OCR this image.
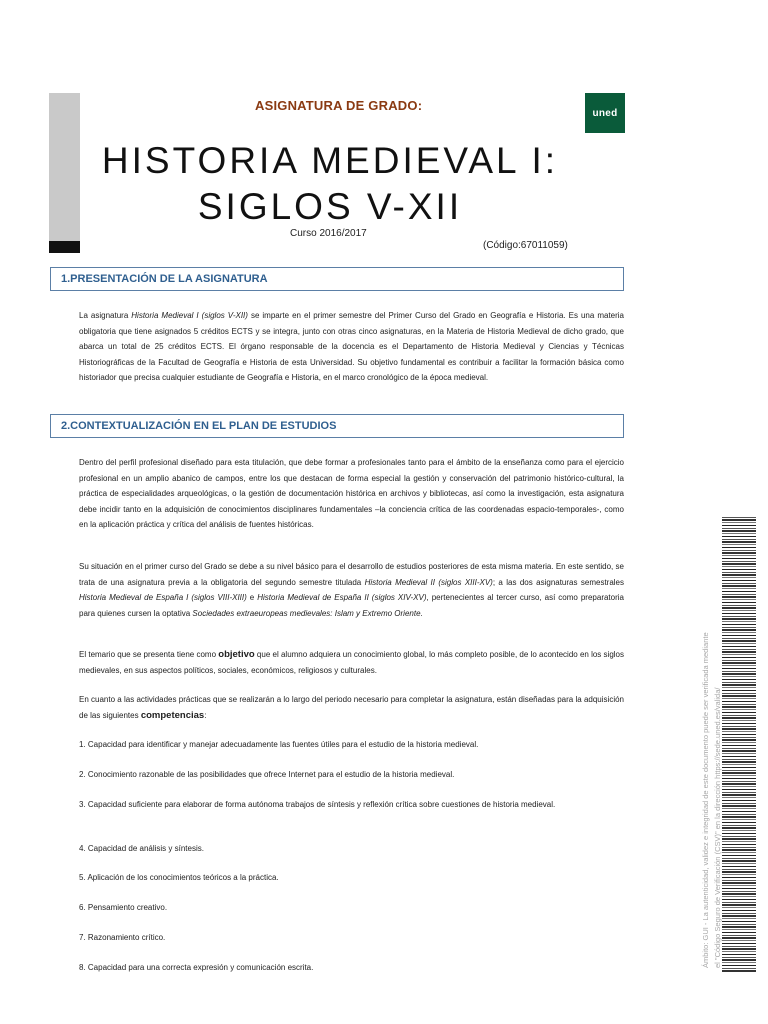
ASIGNATURA DE GRADO:	uned
HISTORIA MEDIEVAL I:
SIGLOS V-XII
Curso 2016/2017
(Código:67011059)
1.PRESENTACIÓN DE LA ASIGNATURA
La asignatura Historia Medieval I (siglos V-XII) se imparte en el primer semestre del Primer Curso del Grado en Geografía e Historia. Es una materia obligatoria que tiene asignados 5 créditos ECTS y se integra, junto con otras cinco asignaturas, en la Materia de Historia Medieval de dicho grado, que abarca un total de 25 créditos ECTS. El órgano responsable de la docencia es el Departamento de Historia Medieval y Ciencias y Técnicas Historiográficas de la Facultad de Geografía e Historia de esta Universidad. Su objetivo fundamental es contribuir a facilitar la formación básica como historiador que precisa cualquier estudiante de Geografía e Historia, en el marco cronológico de la época medieval.
2.CONTEXTUALIZACIÓN EN EL PLAN DE ESTUDIOS
Dentro del perfil profesional diseñado para esta titulación, que debe formar a profesionales tanto para el ámbito de la enseñanza como para el ejercicio profesional en un amplio abanico de campos, entre los que destacan de forma especial la gestión y conservación del patrimonio histórico-cultural, la práctica de especialidades arqueológicas, o la gestión de documentación histórica en archivos y bibliotecas, así como la investigación, esta asignatura debe incidir tanto en la adquisición de conocimientos disciplinares fundamentales –la conciencia crítica de las coordenadas espacio-temporales-, como en la aplicación práctica y crítica del análisis de fuentes históricas.
Su situación en el primer curso del Grado se debe a su nivel básico para el desarrollo de estudios posteriores de esta misma materia. En este sentido, se trata de una asignatura previa a la obligatoria del segundo semestre titulada Historia Medieval II (siglos XIII-XV); a las dos asignaturas semestrales Historia Medieval de España I (siglos VIII-XIII) e Historia Medieval de España II (siglos XIV-XV), pertenecientes al tercer curso, así como preparatoria para quienes cursen la optativa Sociedades extraeuropeas medievales: Islam y Extremo Oriente.
El temario que se presenta tiene como objetivo que el alumno adquiera un conocimiento global, lo más completo posible, de lo acontecido en los siglos medievales, en sus aspectos políticos, sociales, económicos, religiosos y culturales.
En cuanto a las actividades prácticas que se realizarán a lo largo del periodo necesario para completar la asignatura, están diseñadas para la adquisición de las siguientes competencias:
1. Capacidad para identificar y manejar adecuadamente las fuentes útiles para el estudio de la historia medieval.
2. Conocimiento razonable de las posibilidades que ofrece Internet para el estudio de la historia medieval.
3. Capacidad suficiente para elaborar de forma autónoma trabajos de síntesis y reflexión crítica sobre cuestiones de historia medieval.
4. Capacidad de análisis y síntesis.
5. Aplicación de los conocimientos teóricos a la práctica.
6. Pensamiento creativo.
7. Razonamiento crítico.
8. Capacidad para una correcta expresión y comunicación escrita.	Ámbito: GUI - La autenticidad, validez e integridad de este documento puede ser verificada mediante el "Código Seguro de Verificación (CSV)" en la dirección https://sede.uned.es/valida/
